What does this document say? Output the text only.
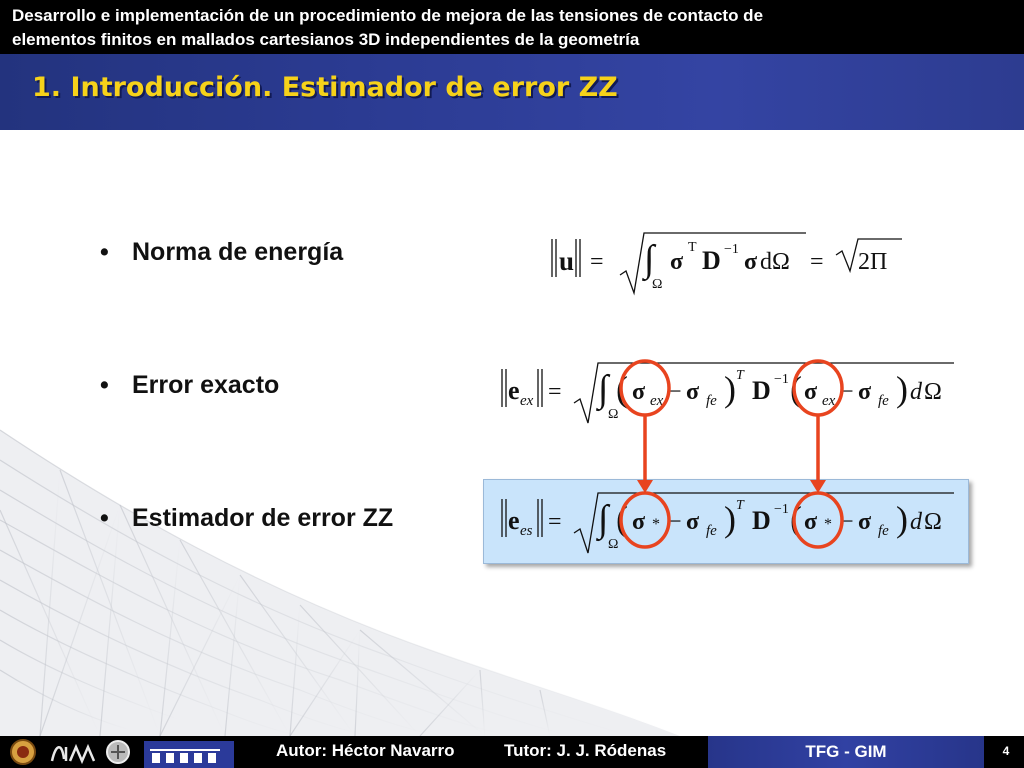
Desarrollo e implementación de un procedimiento de mejora de las tensiones de contacto de
elementos finitos en mallados cartesianos 3D independientes de la geometría
1. Introducción. Estimador de error ZZ
• Norma de energía
• Error exacto
• Estimador de error ZZ
u = ∫
Ω
σ
T D −1 σ dΩ = 2Π
e ex = ∫
Ω
( σ ex − σ fe ) T
D −1 ( σ ex − σ fe ) d Ω
e es = ∫
Ω
( σ * − σ fe ) T
D −1 ( σ * − σ fe ) d Ω
Autor: Héctor Navarro	Tutor: J. J. Ródenas	TFG - GIM	4
